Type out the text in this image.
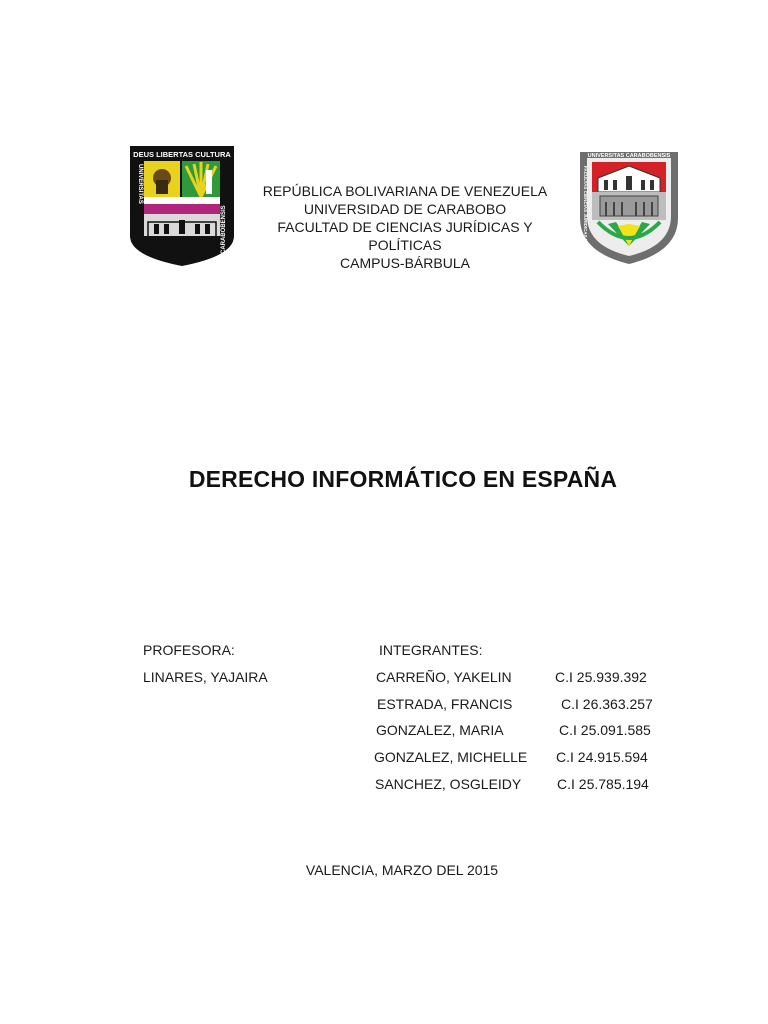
DEUS LIBERTAS CULTURA
UNIVERSITAS
CARABOBENSIS
REPÚBLICA BOLIVARIANA DE VENEZUELA
UNIVERSIDAD DE CARABOBO
FACULTAD DE CIENCIAS JURÍDICAS Y
POLÍTICAS
CAMPUS-BÁRBULA
UNIVERSITAS CARABOBENSIS
FACULTAS CIENCIAS JURIDICAS POLITICAS
DERECHO INFORMÁTICO EN ESPAÑA
PROFESORA:
LINARES, YAJAIRA
INTEGRANTES:
CARREÑO, YAKELIN	C.I 25.939.392
ESTRADA, FRANCIS	C.I 26.363.257
GONZALEZ, MARIA	C.I 25.091.585
GONZALEZ, MICHELLE C.I 24.915.594
SANCHEZ, OSGLEIDY	C.I 25.785.194
VALENCIA, MARZO DEL 2015
